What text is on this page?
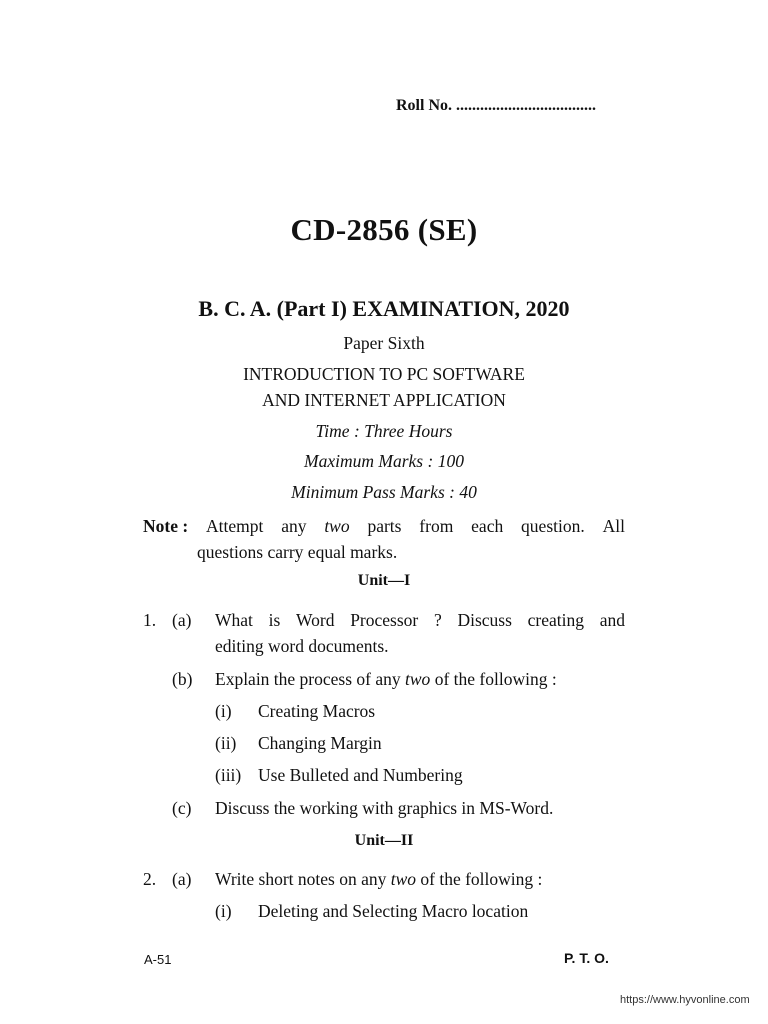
Roll No. ...................................
CD-2856 (SE)
B. C. A. (Part I) EXAMINATION, 2020
Paper Sixth
INTRODUCTION TO PC SOFTWARE
AND INTERNET APPLICATION
Time : Three Hours
Maximum Marks : 100
Minimum Pass Marks : 40
Note : Attempt any two parts from each question. All
questions carry equal marks.
Unit—I
1. (a) What is Word Processor ? Discuss creating and
editing word documents.
(b) Explain the process of any two of the following :
(i) Creating Macros
(ii) Changing Margin
(iii) Use Bulleted and Numbering
(c) Discuss the working with graphics in MS-Word.
Unit—II
2. (a) Write short notes on any two of the following :
(i) Deleting and Selecting Macro location
A-51	P. T. O.
https://www.hyvonline.com
